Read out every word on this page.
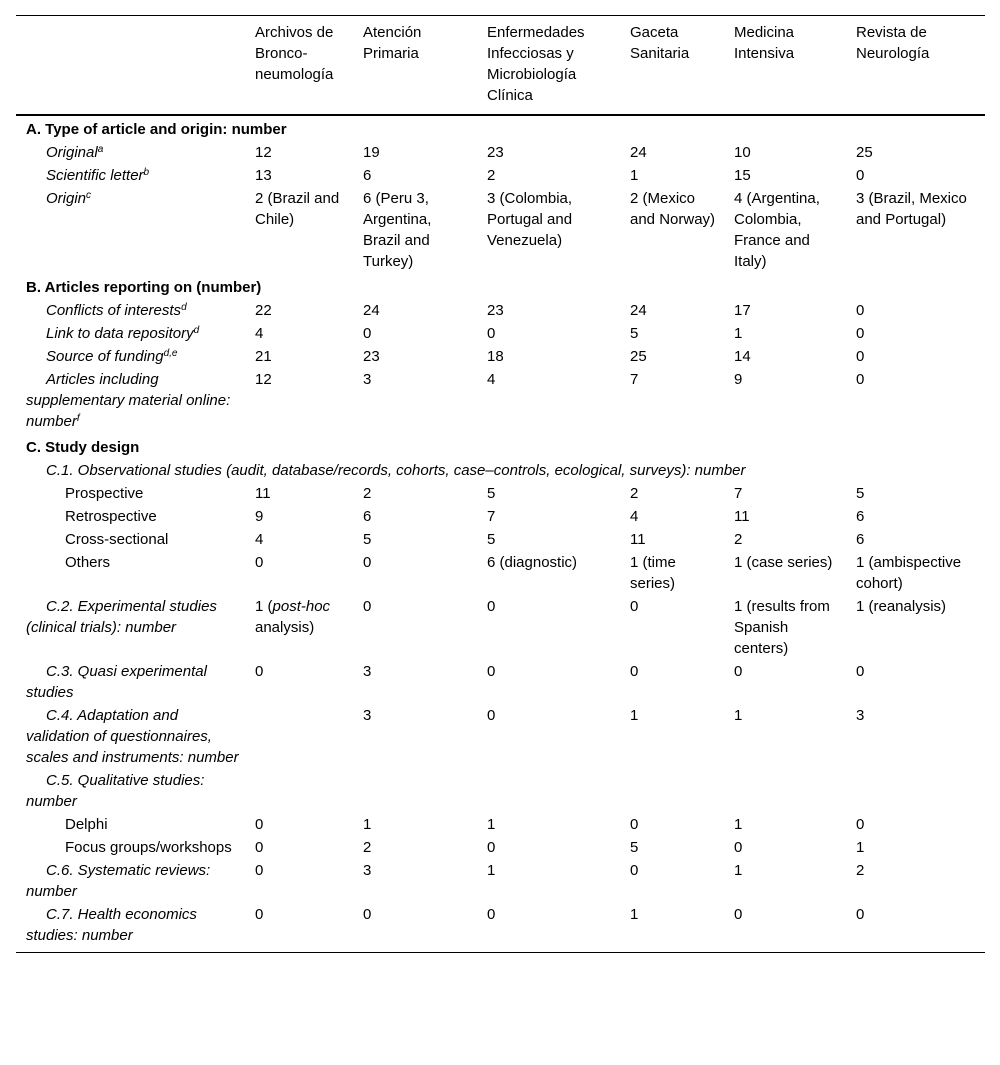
	Archivos de Bronco-neumología	Atención Primaria	Enfermedades Infecciosas y Microbiología Clínica	Gaceta Sanitaria	Medicina Intensiva	Revista de Neurología
A. Type of article and origin: number						
Original$^a$	12	19	23	24	10	25
Scientific letter$^b$	13	6	2	1	15	0
Origin$^c$	2 (Brazil and Chile)	6 (Peru 3, Argentina, Brazil and Turkey)	3 (Colombia, Portugal and Venezuela)	2 (Mexico and Norway)	4 (Argentina, Colombia, France and Italy)	3 (Brazil, Mexico and Portugal)
B. Articles reporting on (number)						
Conflicts of interests$^d$	22	24	23	24	17	0
Link to data repository$^d$	4	0	0	5	1	0
Source of funding$^{d,e}$	21	23	18	25	14	0
Articles including supplementary material online: number$^f$	12	3	4	7	9	0
C. Study design						
C.1. Observational studies (audit, database/records, cohorts, case–controls, ecological, surveys): number						
Prospective	11	2	5	2	7	5
Retrospective	9	6	7	4	11	6
Cross-sectional	4	5	5	11	2	6
Others	0	0	6 (diagnostic)	1 (time series)	1 (case series)	1 (ambispective cohort)
C.2. Experimental studies (clinical trials): number	1 (post-hoc analysis)	0	0	0	1 (results from Spanish centers)	1 (reanalysis)
C.3. Quasi experimental studies	0	3	0	0	0	0
C.4. Adaptation and validation of questionnaires, scales and instruments: number		3	0	1	1	3
C.5. Qualitative studies: number						
Delphi	0	1	1	0	1	0
Focus groups/workshops	0	2	0	5	0	1
C.6. Systematic reviews: number	0	3	1	0	1	2
C.7. Health economics studies: number	0	0	0	1	0	0
